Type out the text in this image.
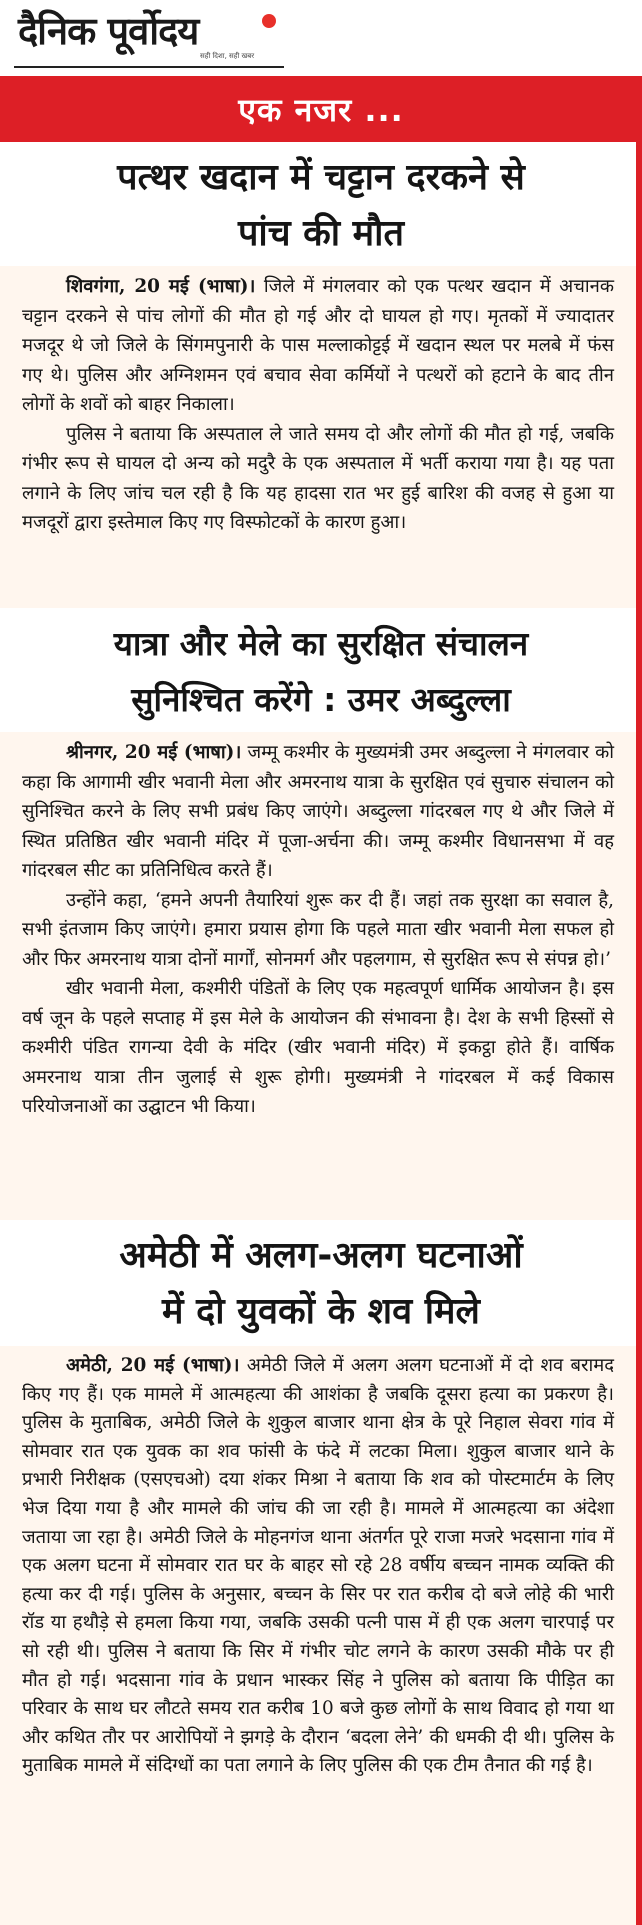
दैनिक पूर्वोदय
सही दिशा, सही खबर
एक नजर ...
पत्थर खदान में चट्टान दरकने से
पांच की मौत

शिवगंगा, 20 मई (भाषा)। जिले में मंगलवार को एक पत्थर खदान में अचानक चट्टान दरकने से पांच लोगों की मौत हो गई और दो घायल हो गए। मृतकों में ज्यादातर मजदूर थे जो जिले के सिंगमपुनारी के पास मल्लाकोट्टई में खदान स्थल पर मलबे में फंस गए थे। पुलिस और अग्निशमन एवं बचाव सेवा कर्मियों ने पत्थरों को हटाने के बाद तीन लोगों के शवों को बाहर निकाला।

पुलिस ने बताया कि अस्पताल ले जाते समय दो और लोगों की मौत हो गई, जबकि गंभीर रूप से घायल दो अन्य को मदुरै के एक अस्पताल में भर्ती कराया गया है। यह पता लगाने के लिए जांच चल रही है कि यह हादसा रात भर हुई बारिश की वजह से हुआ या मजदूरों द्वारा इस्तेमाल किए गए विस्फोटकों के कारण हुआ।

यात्रा और मेले का सुरक्षित संचालन
सुनिश्चित करेंगे : उमर अब्दुल्ला

श्रीनगर, 20 मई (भाषा)। जम्मू कश्मीर के मुख्यमंत्री उमर अब्दुल्ला ने मंगलवार को कहा कि आगामी खीर भवानी मेला और अमरनाथ यात्रा के सुरक्षित एवं सुचारु संचालन को सुनिश्चित करने के लिए सभी प्रबंध किए जाएंगे। अब्दुल्ला गांदरबल गए थे और जिले में स्थित प्रतिष्ठित खीर भवानी मंदिर में पूजा-अर्चना की। जम्मू कश्मीर विधानसभा में वह गांदरबल सीट का प्रतिनिधित्व करते हैं।

उन्होंने कहा, ‘हमने अपनी तैयारियां शुरू कर दी हैं। जहां तक सुरक्षा का सवाल है, सभी इंतजाम किए जाएंगे। हमारा प्रयास होगा कि पहले माता खीर भवानी मेला सफल हो और फिर अमरनाथ यात्रा दोनों मार्गों, सोनमर्ग और पहलगाम, से सुरक्षित रूप से संपन्न हो।’

खीर भवानी मेला, कश्मीरी पंडितों के लिए एक महत्वपूर्ण धार्मिक आयोजन है। इस वर्ष जून के पहले सप्ताह में इस मेले के आयोजन की संभावना है। देश के सभी हिस्सों से कश्मीरी पंडित रागन्या देवी के मंदिर (खीर भवानी मंदिर) में इकट्ठा होते हैं। वार्षिक अमरनाथ यात्रा तीन जुलाई से शुरू होगी। मुख्यमंत्री ने गांदरबल में कई विकास परियोजनाओं का उद्घाटन भी किया।

अमेठी में अलग-अलग घटनाओं
में दो युवकों के शव मिले

अमेठी, 20 मई (भाषा)। अमेठी जिले में अलग अलग घटनाओं में दो शव बरामद किए गए हैं। एक मामले में आत्महत्या की आशंका है जबकि दूसरा हत्या का प्रकरण है। पुलिस के मुताबिक, अमेठी जिले के शुकुल बाजार थाना क्षेत्र के पूरे निहाल सेवरा गांव में सोमवार रात एक युवक का शव फांसी के फंदे में लटका मिला। शुकुल बाजार थाने के प्रभारी निरीक्षक (एसएचओ) दया शंकर मिश्रा ने बताया कि शव को पोस्टमार्टम के लिए भेज दिया गया है और मामले की जांच की जा रही है। मामले में आत्महत्या का अंदेशा जताया जा रहा है। अमेठी जिले के मोहनगंज थाना अंतर्गत पूरे राजा मजरे भदसाना गांव में एक अलग घटना में सोमवार रात घर के बाहर सो रहे 28 वर्षीय बच्चन नामक व्यक्ति की हत्या कर दी गई। पुलिस के अनुसार, बच्चन के सिर पर रात करीब दो बजे लोहे की भारी रॉड या हथौड़े से हमला किया गया, जबकि उसकी पत्नी पास में ही एक अलग चारपाई पर सो रही थी। पुलिस ने बताया कि सिर में गंभीर चोट लगने के कारण उसकी मौके पर ही मौत हो गई। भदसाना गांव के प्रधान भास्कर सिंह ने पुलिस को बताया कि पीड़ित का परिवार के साथ घर लौटते समय रात करीब 10 बजे कुछ लोगों के साथ विवाद हो गया था और कथित तौर पर आरोपियों ने झगड़े के दौरान ‘बदला लेने’ की धमकी दी थी। पुलिस के मुताबिक मामले में संदिग्धों का पता लगाने के लिए पुलिस की एक टीम तैनात की गई है।
